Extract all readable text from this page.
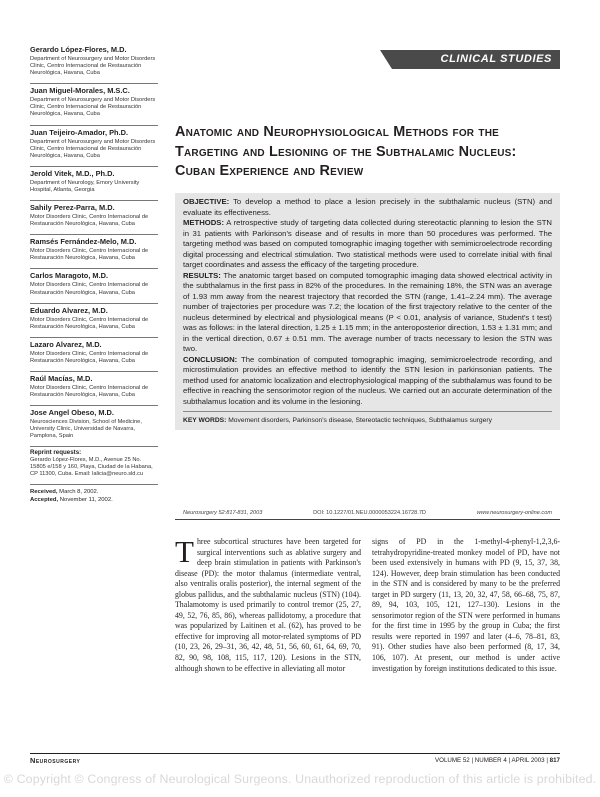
Gerardo López-Flores, M.D.
Department of Neurosurgery and Motor Disorders Clinic, Centro Internacional de Restauración Neurológica, Havana, Cuba
Juan Miguel-Morales, M.S.C.
Department of Neurosurgery and Motor Disorders Clinic, Centro Internacional de Restauración Neurológica, Havana, Cuba
Juan Teijeiro-Amador, Ph.D.
Department of Neurosurgery and Motor Disorders Clinic, Centro Internacional de Restauración Neurológica, Havana, Cuba
Jerold Vitek, M.D., Ph.D.
Department of Neurology, Emory University Hospital, Atlanta, Georgia
Sahily Perez-Parra, M.D.
Motor Disorders Clinic, Centro Internacional de Restauración Neurológica, Havana, Cuba
Ramsés Fernández-Melo, M.D.
Motor Disorders Clinic, Centro Internacional de Restauración Neurológica, Havana, Cuba
Carlos Maragoto, M.D.
Motor Disorders Clinic, Centro Internacional de Restauración Neurológica, Havana, Cuba
Eduardo Alvarez, M.D.
Motor Disorders Clinic, Centro Internacional de Restauración Neurológica, Havana, Cuba
Lazaro Alvarez, M.D.
Motor Disorders Clinic, Centro Internacional de Restauración Neurológica, Havana, Cuba
Raúl Macías, M.D.
Motor Disorders Clinic, Centro Internacional de Restauración Neurológica, Havana, Cuba
Jose Angel Obeso, M.D.
Neurosciences Division, School of Medicine, University Clinic, Universidad de Navarra, Pamplona, Spain
Reprint requests:
Gerardo López-Flores, M.D., Avenue 25 No. 15805 e/158 y 160, Playa, Ciudad de la Habana, CP 11300, Cuba. Email: lalicia@neuro.sld.cu
Received, March 8, 2002.
Accepted, November 11, 2002.
CLINICAL STUDIES
Anatomic and Neurophysiological Methods for the Targeting and Lesioning of the Subthalamic Nucleus: Cuban Experience and Review

OBJECTIVE: To develop a method to place a lesion precisely in the subthalamic nucleus (STN) and evaluate its effectiveness.

METHODS: A retrospective study of targeting data collected during stereotactic planning to lesion the STN in 31 patients with Parkinson's disease and of results in more than 50 procedures was performed. The targeting method was based on computed tomographic imaging together with semimicroelectrode recording digital processing and electrical stimulation. Two statistical methods were used to correlate initial with final target coordinates and assess the efficacy of the targeting procedure.

RESULTS: The anatomic target based on computed tomographic imaging data showed electrical activity in the subthalamus in the first pass in 82% of the procedures. In the remaining 18%, the STN was an average of 1.93 mm away from the nearest trajectory that recorded the STN (range, 1.41–2.24 mm). The average number of trajectories per procedure was 7.2; the location of the first trajectory relative to the center of the nucleus determined by electrical and physiological means (P < 0.01, analysis of variance, Student's t test) was as follows: in the lateral direction, 1.25 ± 1.15 mm; in the anteroposterior direction, 1.53 ± 1.31 mm; and in the vertical direction, 0.67 ± 0.51 mm. The average number of tracts necessary to lesion the STN was two.

CONCLUSION: The combination of computed tomographic imaging, semimicroelectrode recording, and microstimulation provides an effective method to identify the STN lesion in parkinsonian patients. The method used for anatomic localization and electrophysiological mapping of the subthalamus was found to be effective in reaching the sensorimotor region of the nucleus. We carried out an accurate determination of the subthalamus location and its volume in the lesioning.

KEY WORDS: Movement disorders, Parkinson's disease, Stereotactic techniques, Subthalamus surgery
Neurosurgery 52:817-831, 2003	DOI: 10.1227/01.NEU.0000053224.16728.7D	www.neurosurgery-online.com
Three subcortical structures have been targeted for surgical interventions such as ablative surgery and deep brain stimulation in patients with Parkinson's disease (PD): the motor thalamus (intermediate ventral, also ventralis oralis posterior), the internal segment of the globus pallidus, and the subthalamic nucleus (STN) (104). Thalamotomy is used primarily to control tremor (25, 27, 49, 52, 76, 85, 86), whereas pallidotomy, a procedure that was popularized by Laitinen et al. (62), has proved to be effective for improving all motor-related symptoms of PD (10, 23, 26, 29–31, 36, 42, 48, 51, 56, 60, 61, 64, 69, 70, 82, 90, 98, 108, 115, 117, 120). Lesions in the STN, although shown to be effective in alleviating all motor
signs of PD in the 1-methyl-4-phenyl-1,2,3,6-tetrahydropyridine-treated monkey model of PD, have not been used extensively in humans with PD (9, 15, 37, 38, 124). However, deep brain stimulation has been conducted in the STN and is considered by many to be the preferred target in PD surgery (11, 13, 20, 32, 47, 58, 66–68, 75, 87, 89, 94, 103, 105, 121, 127–130). Lesions in the sensorimotor region of the STN were performed in humans for the first time in 1995 by the group in Cuba; the first results were reported in 1997 and later (4–6, 78–81, 83, 91). Other studies have also been performed (8, 17, 34, 106, 107). At present, our method is under active investigation by foreign institutions dedicated to this issue.
Neurosurgery	VOLUME 52 | NUMBER 4 | APRIL 2003 | 817
© Copyright © Congress of Neurological Surgeons. Unauthorized reproduction of this article is prohibited.
